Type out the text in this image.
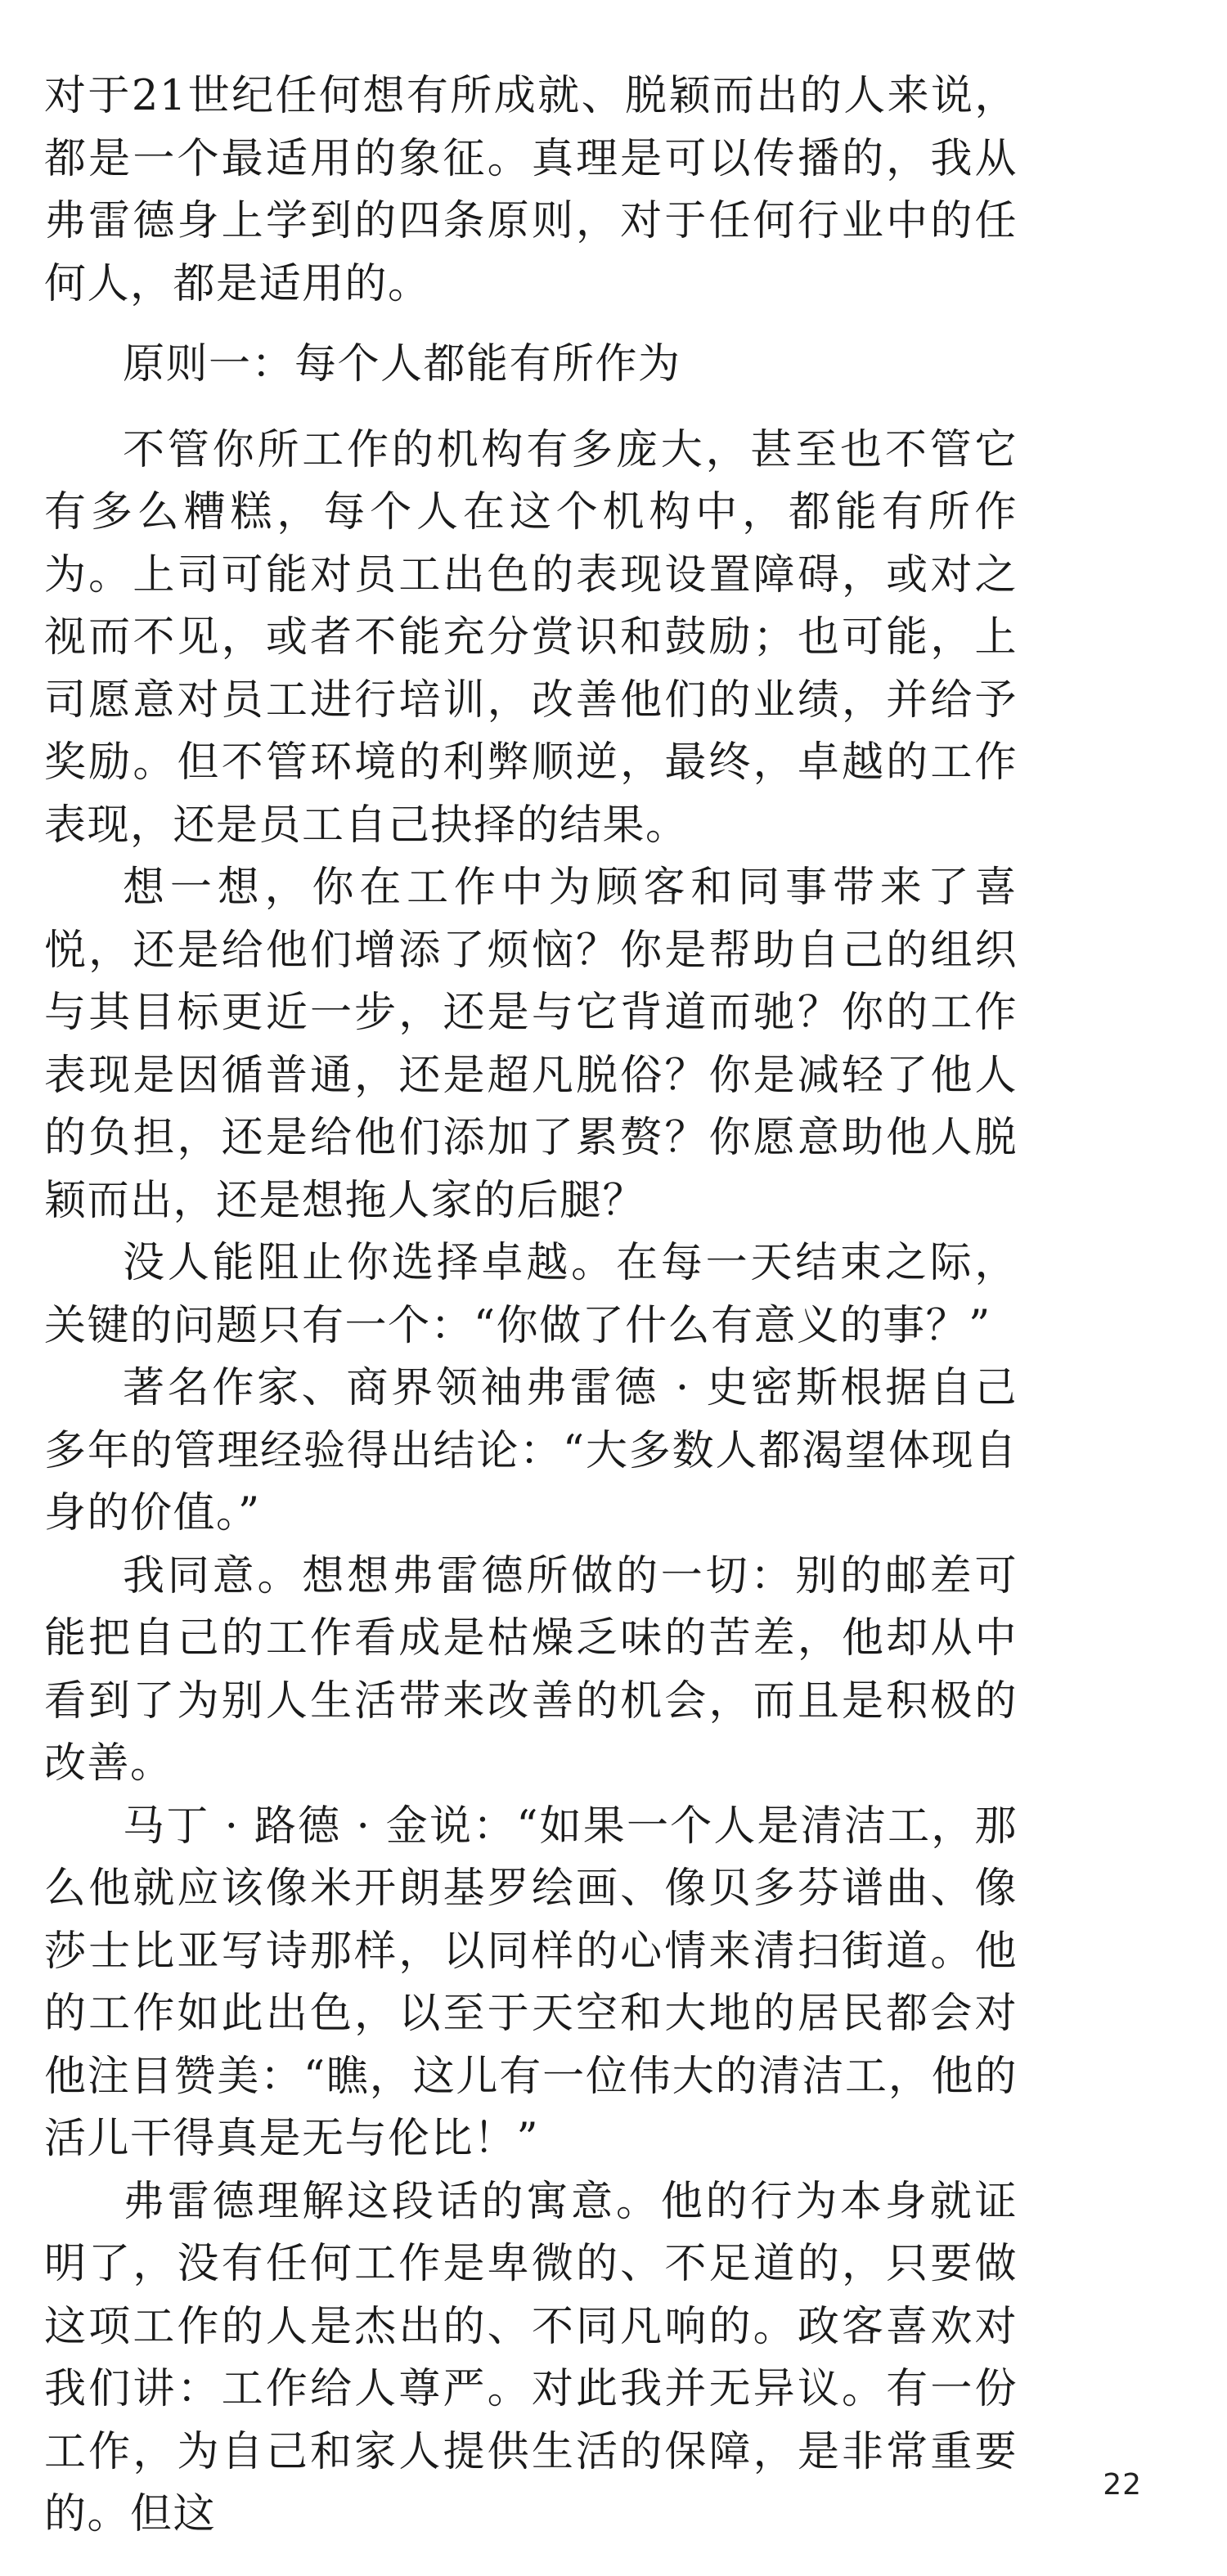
对于21世纪任何想有所成就、脱颖而出的人来说，都是一个最适用的象征。真理是可以传播的，我从弗雷德身上学到的四条原则，对于任何行业中的任何人，都是适用的。

原则一：每个人都能有所作为

不管你所工作的机构有多庞大，甚至也不管它有多么糟糕，每个人在这个机构中，都能有所作为。上司可能对员工出色的表现设置障碍，或对之视而不见，或者不能充分赏识和鼓励；也可能，上司愿意对员工进行培训，改善他们的业绩，并给予奖励。但不管环境的利弊顺逆，最终，卓越的工作表现，还是员工自己抉择的结果。

想一想，你在工作中为顾客和同事带来了喜悦，还是给他们增添了烦恼？你是帮助自己的组织与其目标更近一步，还是与它背道而驰？你的工作表现是因循普通，还是超凡脱俗？你是减轻了他人的负担，还是给他们添加了累赘？你愿意助他人脱颖而出，还是想拖人家的后腿？

没人能阻止你选择卓越。在每一天结束之际，关键的问题只有一个：“你做了什么有意义的事？”

著名作家、商界领袖弗雷德 · 史密斯根据自己多年的管理经验得出结论：“大多数人都渴望体现自身的价值。”

我同意。想想弗雷德所做的一切：别的邮差可能把自己的工作看成是枯燥乏味的苦差，他却从中看到了为别人生活带来改善的机会，而且是积极的改善。

马丁 · 路德 · 金说：“如果一个人是清洁工，那么他就应该像米开朗基罗绘画、像贝多芬谱曲、像莎士比亚写诗那样，以同样的心情来清扫街道。他的工作如此出色，以至于天空和大地的居民都会对他注目赞美：“瞧，这儿有一位伟大的清洁工，他的活儿干得真是无与伦比！”

弗雷德理解这段话的寓意。他的行为本身就证明了，没有任何工作是卑微的、不足道的，只要做这项工作的人是杰出的、不同凡响的。政客喜欢对我们讲：工作给人尊严。对此我并无异议。有一份工作，为自己和家人提供生活的保障，是非常重要的。但这

22
